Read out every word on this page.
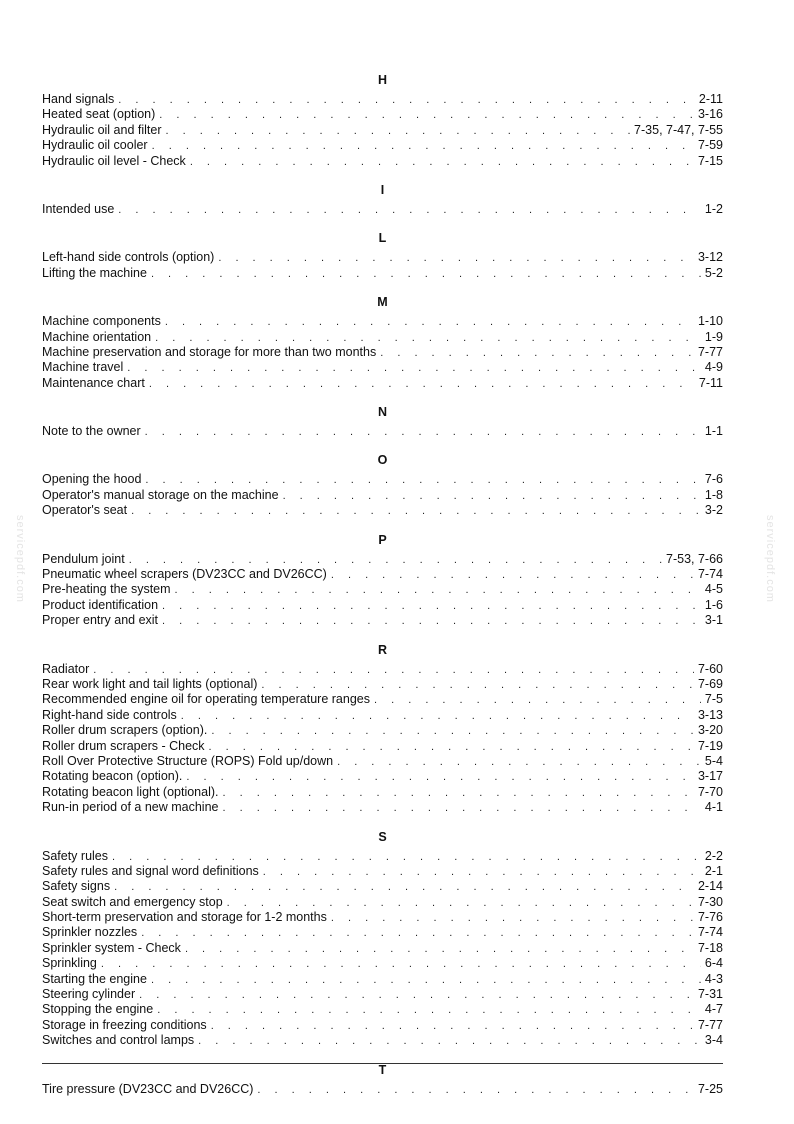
servicepdf.com	servicepdf.com
H
Hand signals . . .	2-11
Heated seat (option) . . .	3-16
Hydraulic oil and filter . . .	7-35, 7-47, 7-55
Hydraulic oil cooler . . .	7-59
Hydraulic oil level - Check . . .	7-15
I
Intended use . . .	1-2
L
Left-hand side controls (option) . . .	3-12
Lifting the machine . . .	5-2
M
Machine components . . .	1-10
Machine orientation . . .	1-9
Machine preservation and storage for more than two months . . .	7-77
Machine travel . . .	4-9
Maintenance chart . . .	7-11
N
Note to the owner . . .	1-1
O
Opening the hood . . .	7-6
Operator's manual storage on the machine . . .	1-8
Operator's seat . . .	3-2
P
Pendulum joint . . .	7-53, 7-66
Pneumatic wheel scrapers (DV23CC and DV26CC) . . .	7-74
Pre-heating the system . . .	4-5
Product identification . . .	1-6
Proper entry and exit . . .	3-1
R
Radiator . . .	7-60
Rear work light and tail lights (optional) . . .	7-69
Recommended engine oil for operating temperature ranges . . .	7-5
Right-hand side controls . . .	3-13
Roller drum scrapers (option). . . .	3-20
Roller drum scrapers - Check . . .	7-19
Roll Over Protective Structure (ROPS) Fold up/down . . .	5-4
Rotating beacon (option). . . .	3-17
Rotating beacon light (optional). . . .	7-70
Run-in period of a new machine . . .	4-1
S
Safety rules . . .	2-2
Safety rules and signal word definitions . . .	2-1
Safety signs . . .	2-14
Seat switch and emergency stop . . .	7-30
Short-term preservation and storage for 1-2 months . . .	7-76
Sprinkler nozzles . . .	7-74
Sprinkler system - Check . . .	7-18
Sprinkling . . .	6-4
Starting the engine . . .	4-3
Steering cylinder . . .	7-31
Stopping the engine . . .	4-7
Storage in freezing conditions . . .	7-77
Switches and control lamps . . .	3-4
T
Tire pressure (DV23CC and DV26CC) . . .	7-25
